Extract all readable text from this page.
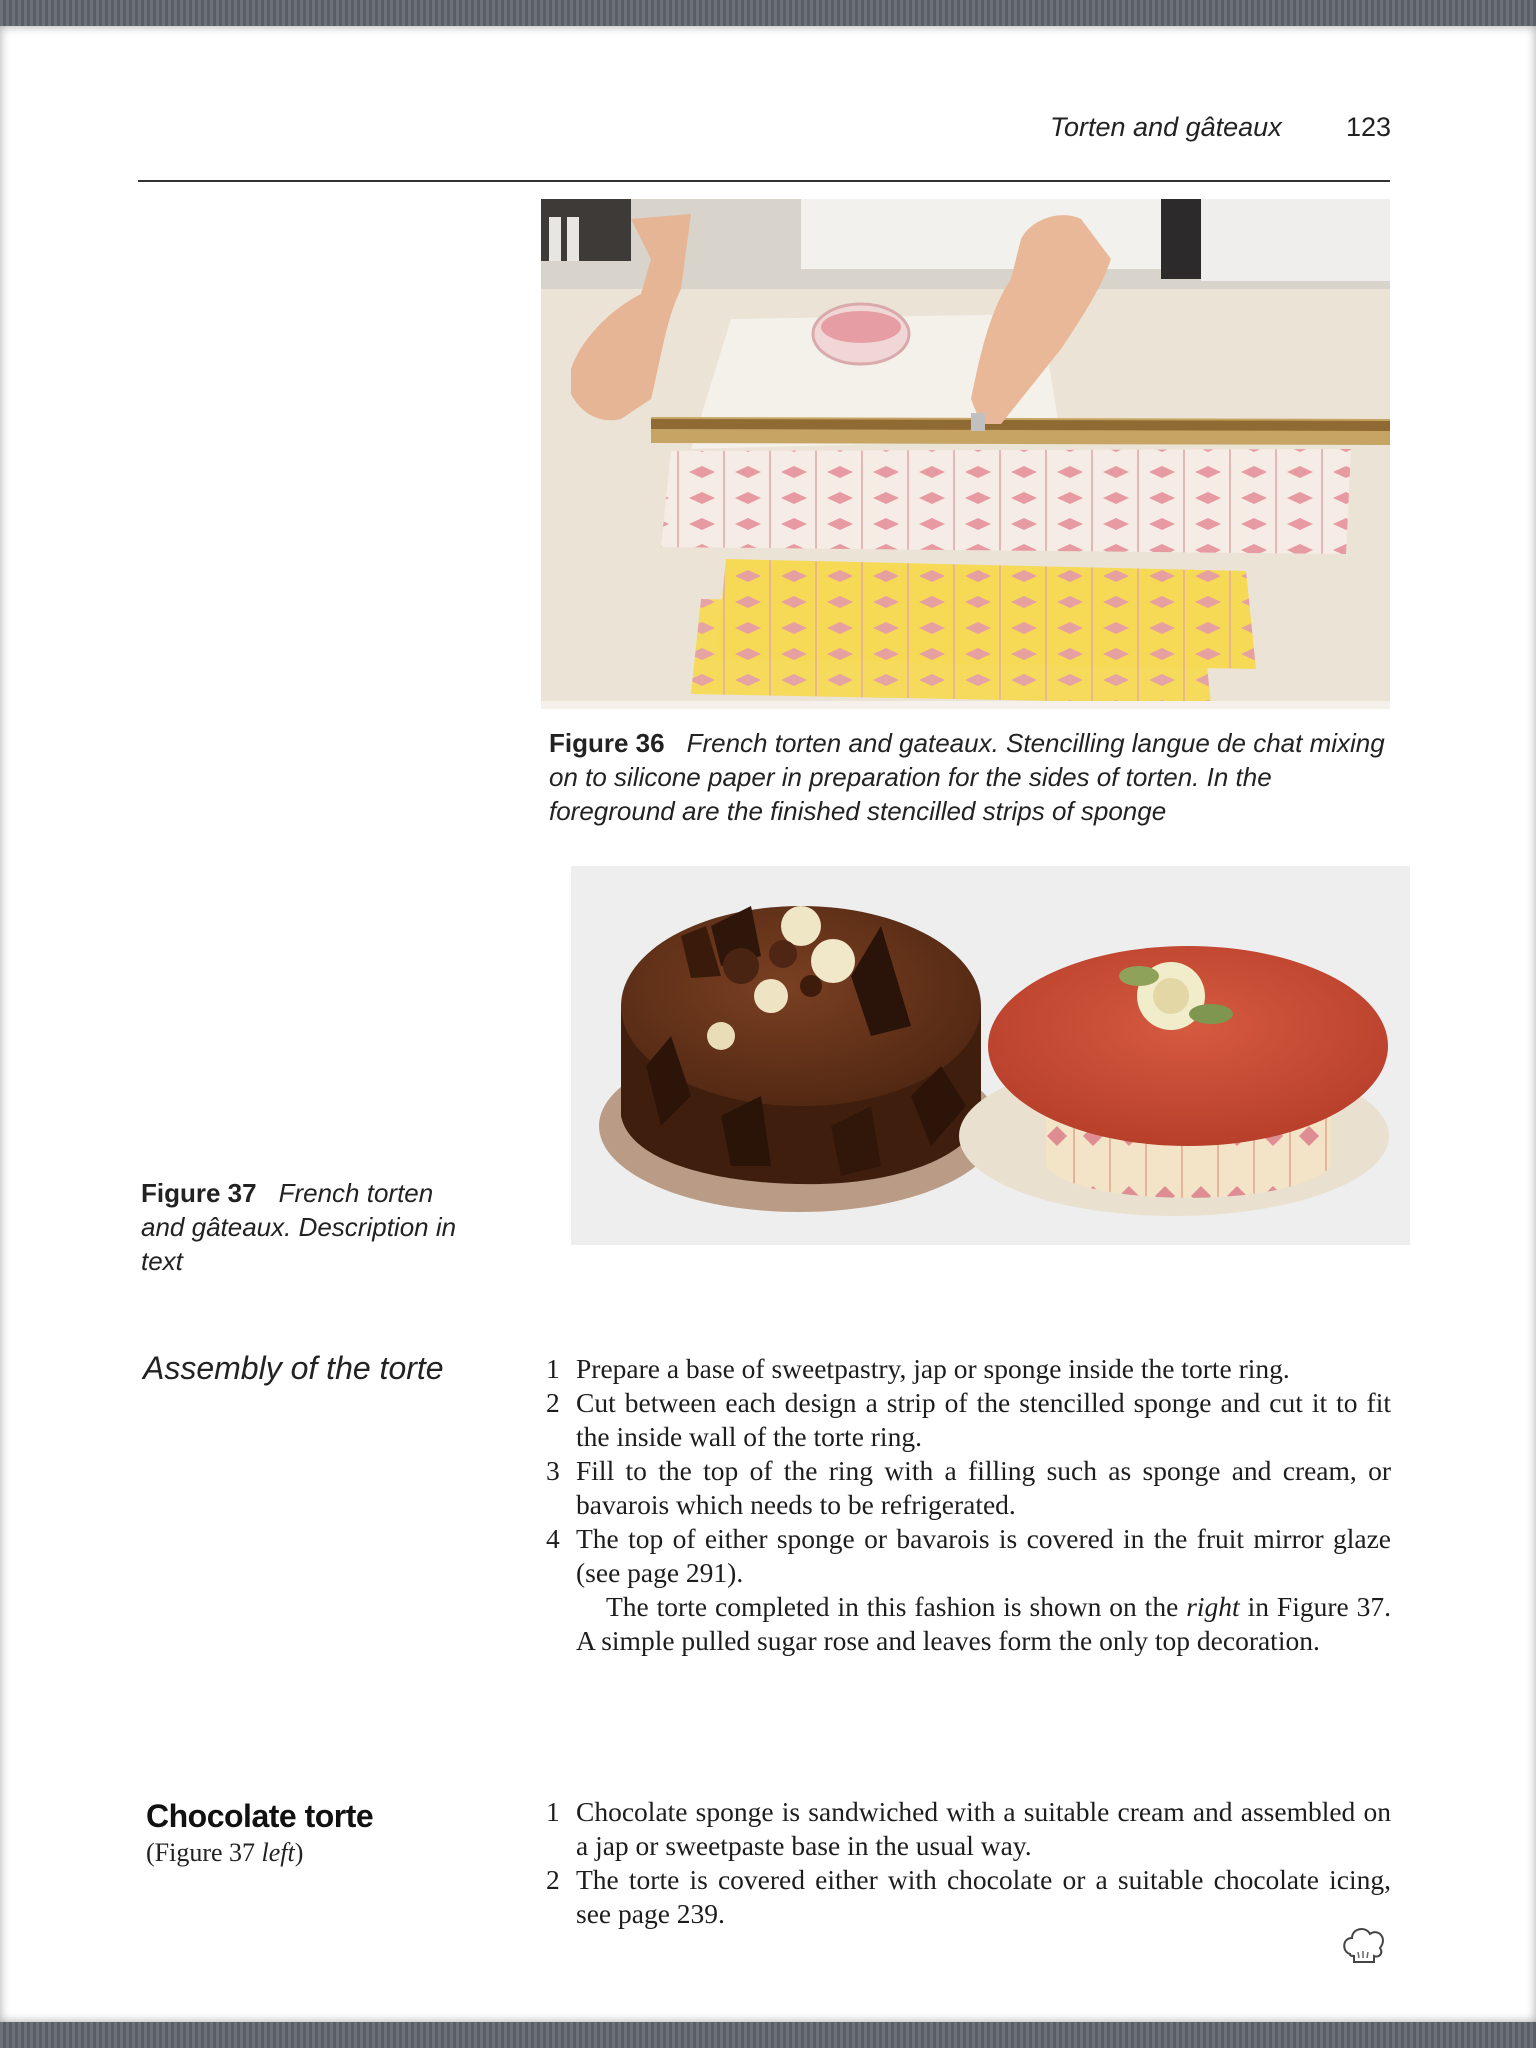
Torten and gâteaux 123
Figure 36 French torten and gateaux. Stencilling langue de chat mixing on to silicone paper in preparation for the sides of torten. In the foreground are the finished stencilled strips of sponge
Figure 37 French torten and gâteaux. Description in text
Assembly of the torte	1 Prepare a base of sweetpastry, jap or sponge inside the torte ring.
2 Cut between each design a strip of the stencilled sponge and cut it to fit the inside wall of the torte ring.
3 Fill to the top of the ring with a filling such as sponge and cream, or bavarois which needs to be refrigerated.
4 The top of either sponge or bavarois is covered in the fruit mirror glaze (see page 291).
The torte completed in this fashion is shown on the right in Figure 37. A simple pulled sugar rose and leaves form the only top decoration.
Chocolate torte
(Figure 37 left)
1 Chocolate sponge is sandwiched with a suitable cream and assembled on a jap or sweetpaste base in the usual way.
2 The torte is covered either with chocolate or a suitable chocolate icing, see page 239.
